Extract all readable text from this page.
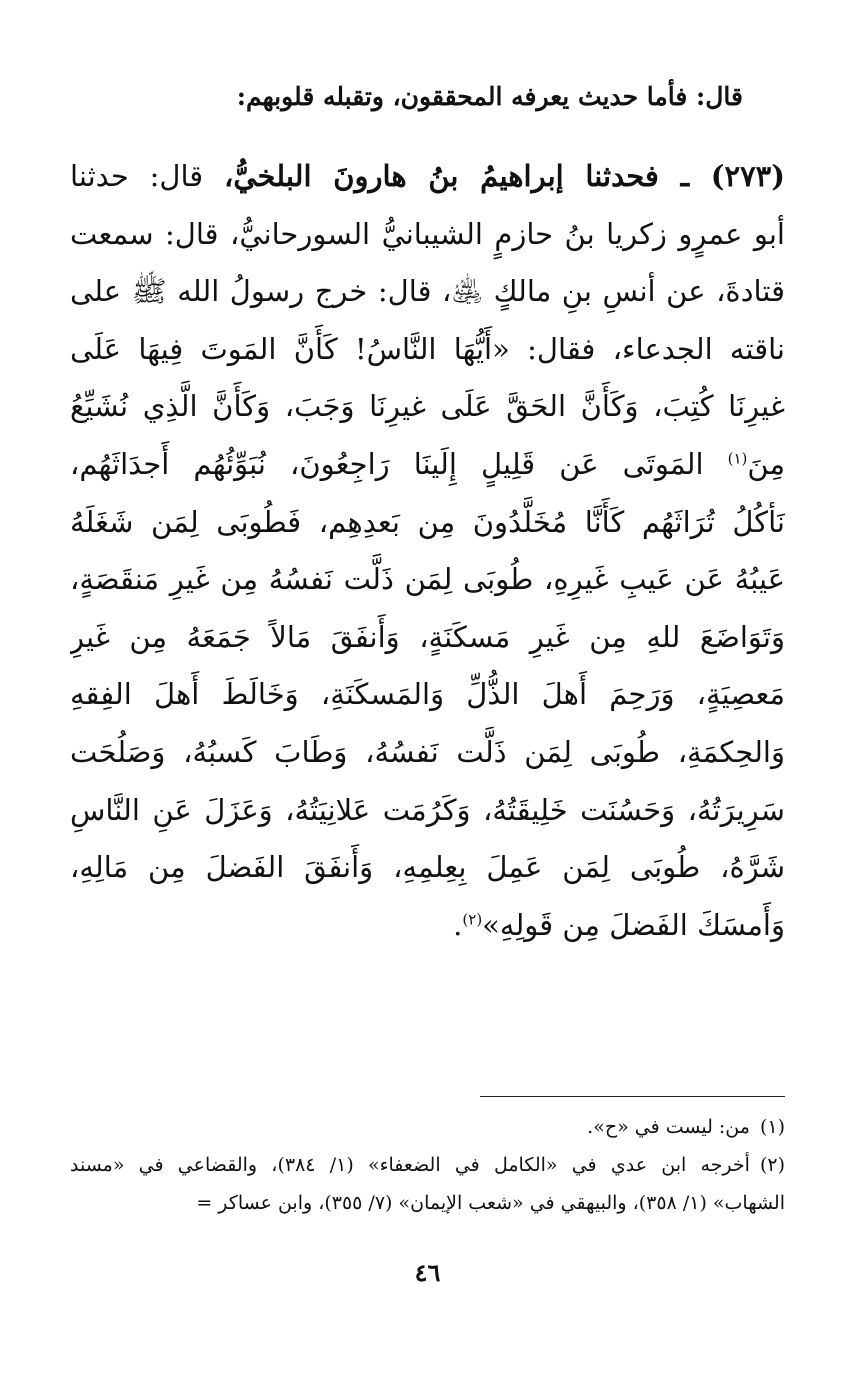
قال: فأما حديث يعرفه المحققون، وتقبله قلوبهم:
(٢٧٣) ـ فحدثنا إبراهيمُ بنُ هارونَ البلخيُّ، قال: حدثنا
أبو عمرٍو زكريا بنُ حازمٍ الشيبانيُّ السورحانيُّ، قال: سمعت
قتادةَ، عن أنسِ بنِ مالكٍ ﵁، قال: خرج رسولُ الله ﷺ على
ناقته الجدعاء، فقال: «أَيُّهَا النَّاسُ! كَأَنَّ المَوتَ فِيهَا عَلَى
غيرِنَا كُتِبَ، وَكَأَنَّ الحَقَّ عَلَى غيرِنَا وَجَبَ، وَكَأَنَّ الَّذِي نُشَيِّعُ
مِنَ$^{(١)}$ المَوتَى عَن قَلِيلٍ إِلَينَا رَاجِعُونَ، نُبَوِّئُهُم أَجدَاثَهُم،
نَأكُلُ تُرَاثَهُم كَأَنَّا مُخَلَّدُونَ مِن بَعدِهِم، فَطُوبَى لِمَن شَغَلَهُ
عَيبُهُ عَن عَيبِ غَيرِهِ، طُوبَى لِمَن ذَلَّت نَفسُهُ مِن غَيرِ مَنقَصَةٍ،
وَتَوَاضَعَ للهِ مِن غَيرِ مَسكَنَةٍ، وَأَنفَقَ مَالاً جَمَعَهُ مِن غَيرِ
مَعصِيَةٍ، وَرَحِمَ أَهلَ الذُّلِّ وَالمَسكَنَةِ، وَخَالَطَ أَهلَ الفِقهِ
وَالحِكمَةِ، طُوبَى لِمَن ذَلَّت نَفسُهُ، وَطَابَ كَسبُهُ، وَصَلُحَت
سَرِيرَتُهُ، وَحَسُنَت خَلِيقَتُهُ، وَكَرُمَت عَلانِيَتُهُ، وَعَزَلَ عَنِ النَّاسِ
شَرَّهُ، طُوبَى لِمَن عَمِلَ بِعِلمِهِ، وَأَنفَقَ الفَضلَ مِن مَالِهِ،
وَأَمسَكَ الفَضلَ مِن قَولِهِ»$^{(٢)}$.
(١)من: ليست في «ح».
(٢)أخرجه ابن عدي في «الكامل في الضعفاء» (١/ ٣٨٤)، والقضاعي في «مسند
الشهاب» (١/ ٣٥٨)، والبيهقي في «شعب الإيمان» (٧/ ٣٥٥)، وابن عساكر =
٤٦
